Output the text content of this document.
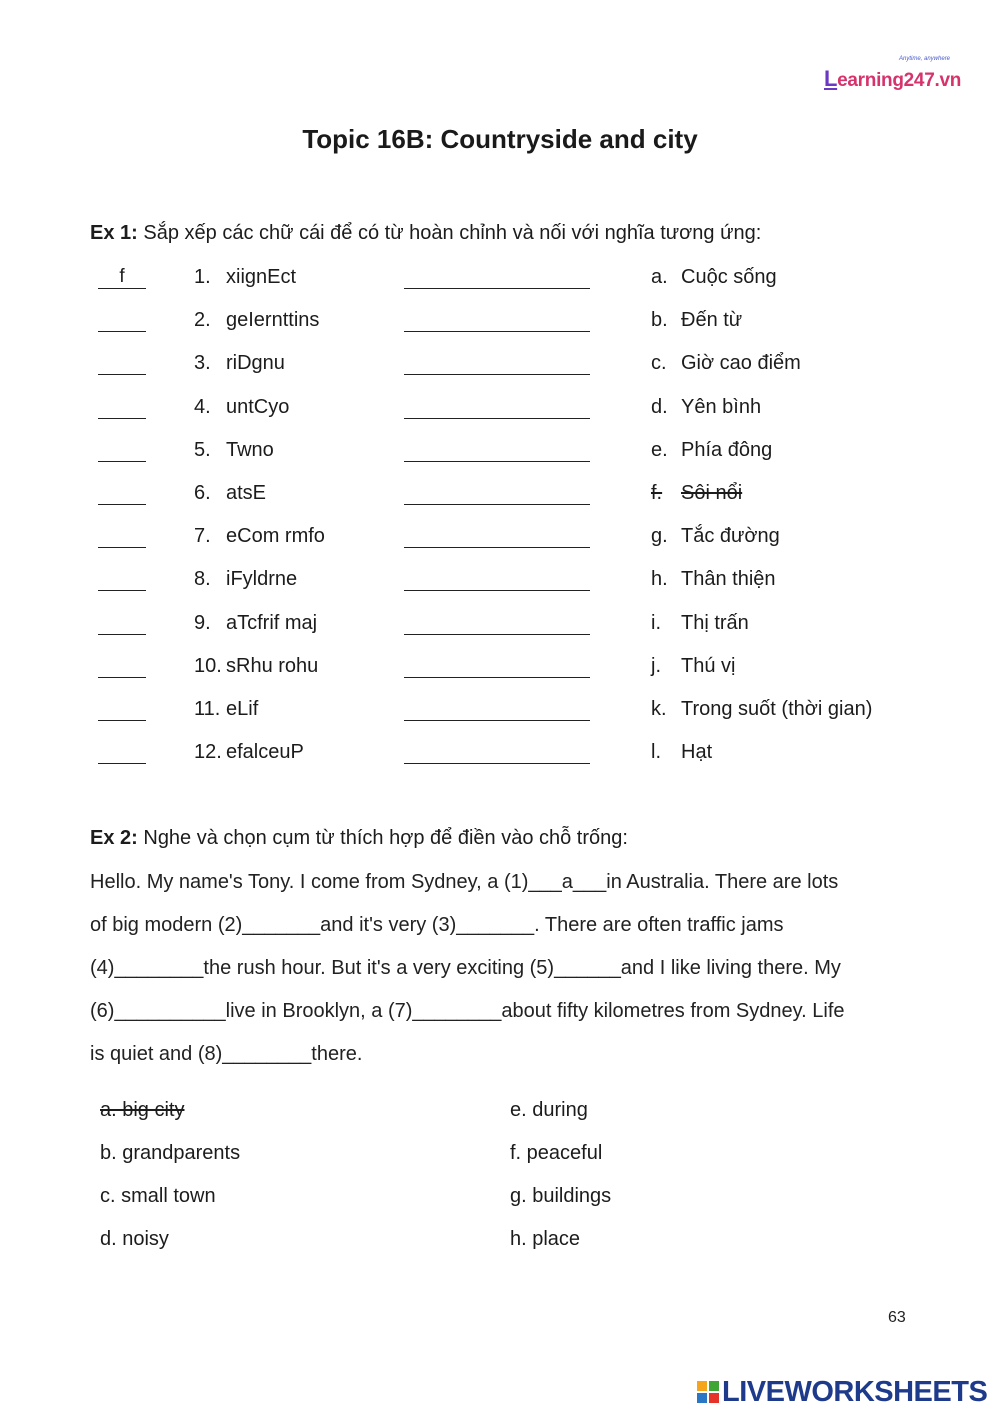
Anytime, anywhere
Learning247.vn
Topic 16B: Countryside and city
Ex 1: Sắp xếp các chữ cái để có từ hoàn chỉnh và nối với nghĩa tương ứng:
f	1. xiignEct	a. Cuộc sống
2. geIernttins	b. Đến từ
3. riDgnu	c. Giờ cao điểm
4. untCyo	d. Yên bình
5. Twno	e. Phía đông
6. atsE	f. Sôi nổi
7. eCom rmfo	g. Tắc đường
8. iFyldrne	h. Thân thiện
9. aTcfrif maj	i. Thị trấn
10. sRhu rohu	j. Thú vị
11. eLif	k. Trong suốt (thời gian)
12. efalceuP	l. Hạt
Ex 2: Nghe và chọn cụm từ thích hợp để điền vào chỗ trống:
Hello. My name's Tony. I come from Sydney, a (1)___a___in Australia. There are lots
of big modern (2)_______and it's very (3)_______. There are often traffic jams
(4)________the rush hour. But it's a very exciting (5)______and I like living there. My
(6)__________live in Brooklyn, a (7)________about fifty kilometres from Sydney. Life
is quiet and (8)________there.
a. big city
b. grandparents
c. small town
d. noisy
e. during
f. peaceful
g. buildings
h. place
63
LIVEWORKSHEETS
